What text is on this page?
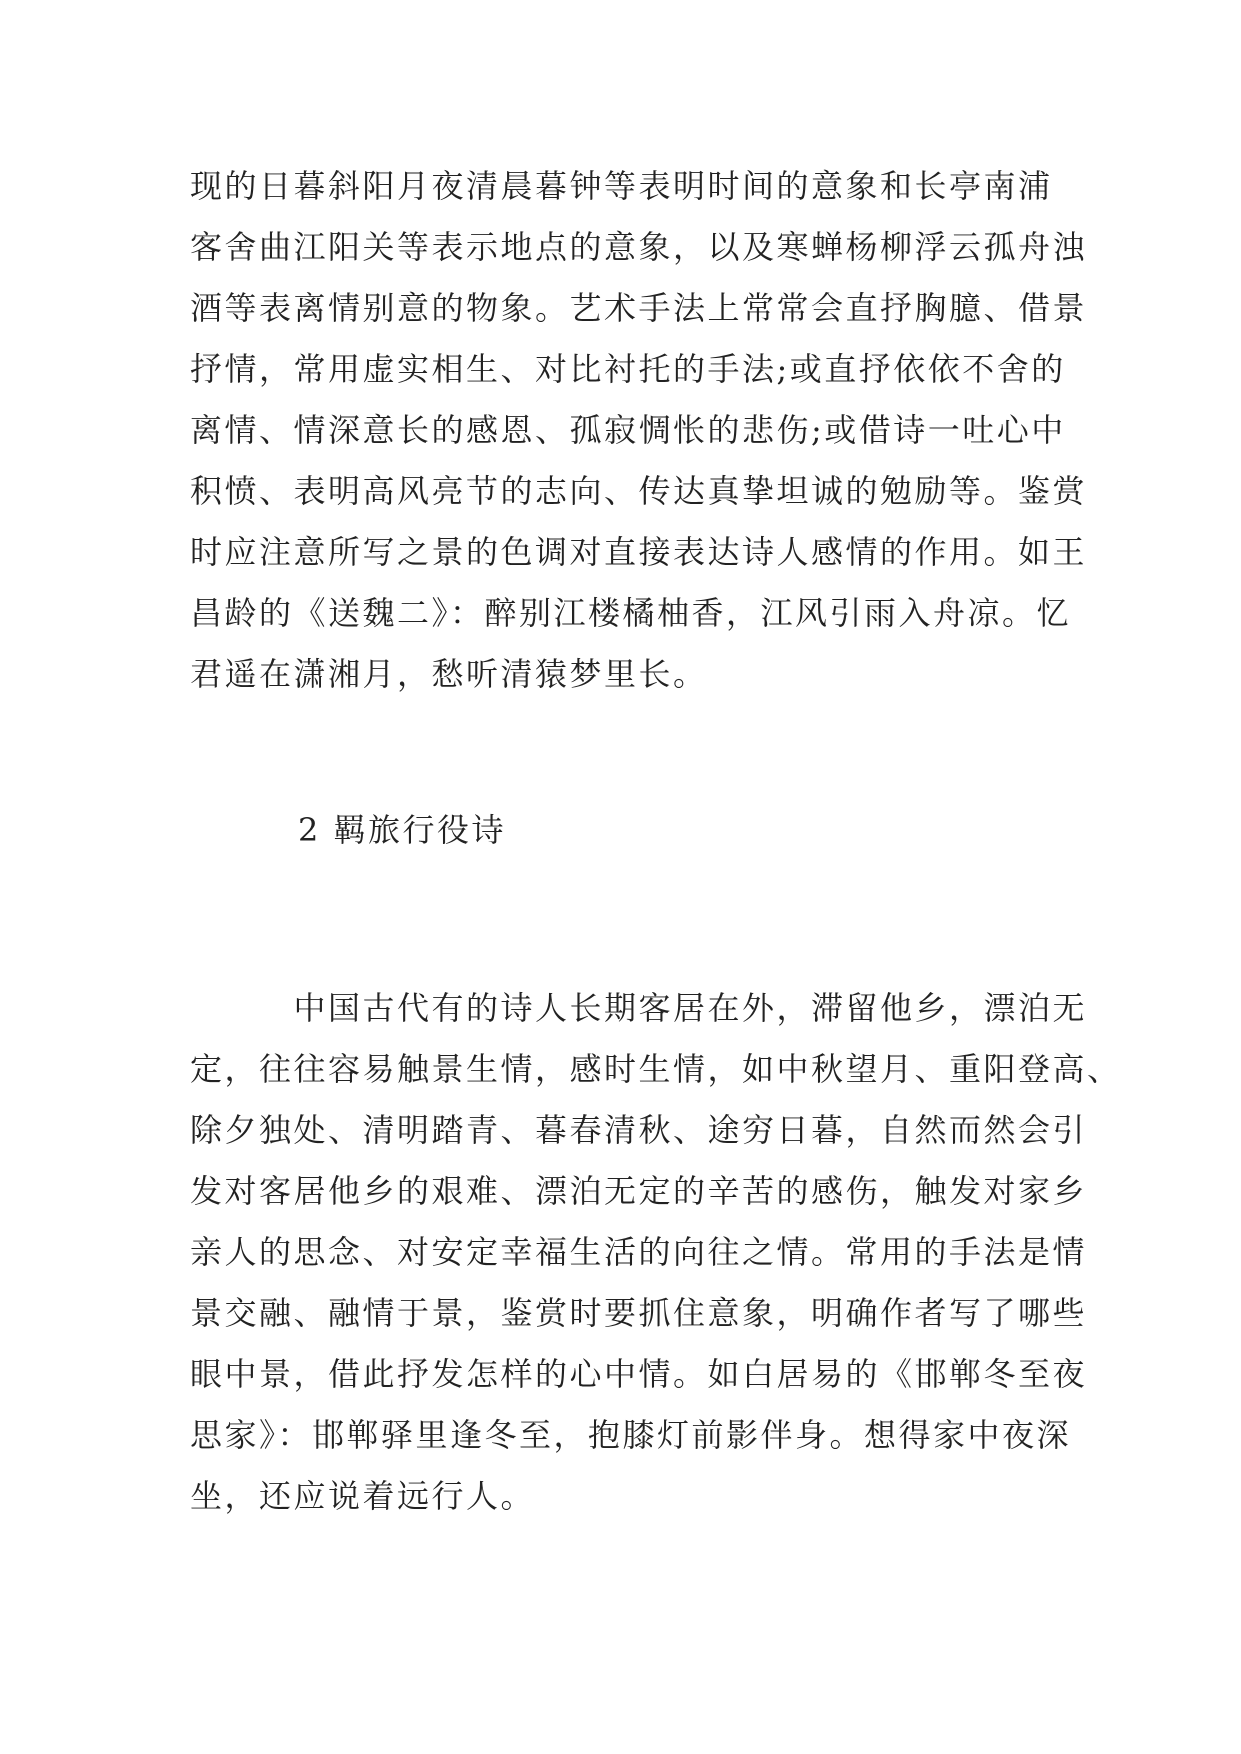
现的日暮斜阳月夜清晨暮钟等表明时间的意象和长亭南浦
客舍曲江阳关等表示地点的意象，以及寒蝉杨柳浮云孤舟浊
酒等表离情别意的物象。艺术手法上常常会直抒胸臆、借景
抒情，常用虚实相生、对比衬托的手法;或直抒依依不舍的
离情、情深意长的感恩、孤寂惆怅的悲伤;或借诗一吐心中
积愤、表明高风亮节的志向、传达真挚坦诚的勉励等。鉴赏
时应注意所写之景的色调对直接表达诗人感情的作用。如王
昌龄的《送魏二》：醉别江楼橘柚香，江风引雨入舟凉。忆
君遥在潇湘月，愁听清猿梦里长。
2 羁旅行役诗
　　　中国古代有的诗人长期客居在外，滞留他乡，漂泊无
定，往往容易触景生情，感时生情，如中秋望月、重阳登高、
除夕独处、清明踏青、暮春清秋、途穷日暮，自然而然会引
发对客居他乡的艰难、漂泊无定的辛苦的感伤，触发对家乡
亲人的思念、对安定幸福生活的向往之情。常用的手法是情
景交融、融情于景，鉴赏时要抓住意象，明确作者写了哪些
眼中景，借此抒发怎样的心中情。如白居易的《邯郸冬至夜
思家》：邯郸驿里逢冬至，抱膝灯前影伴身。想得家中夜深
坐，还应说着远行人。
